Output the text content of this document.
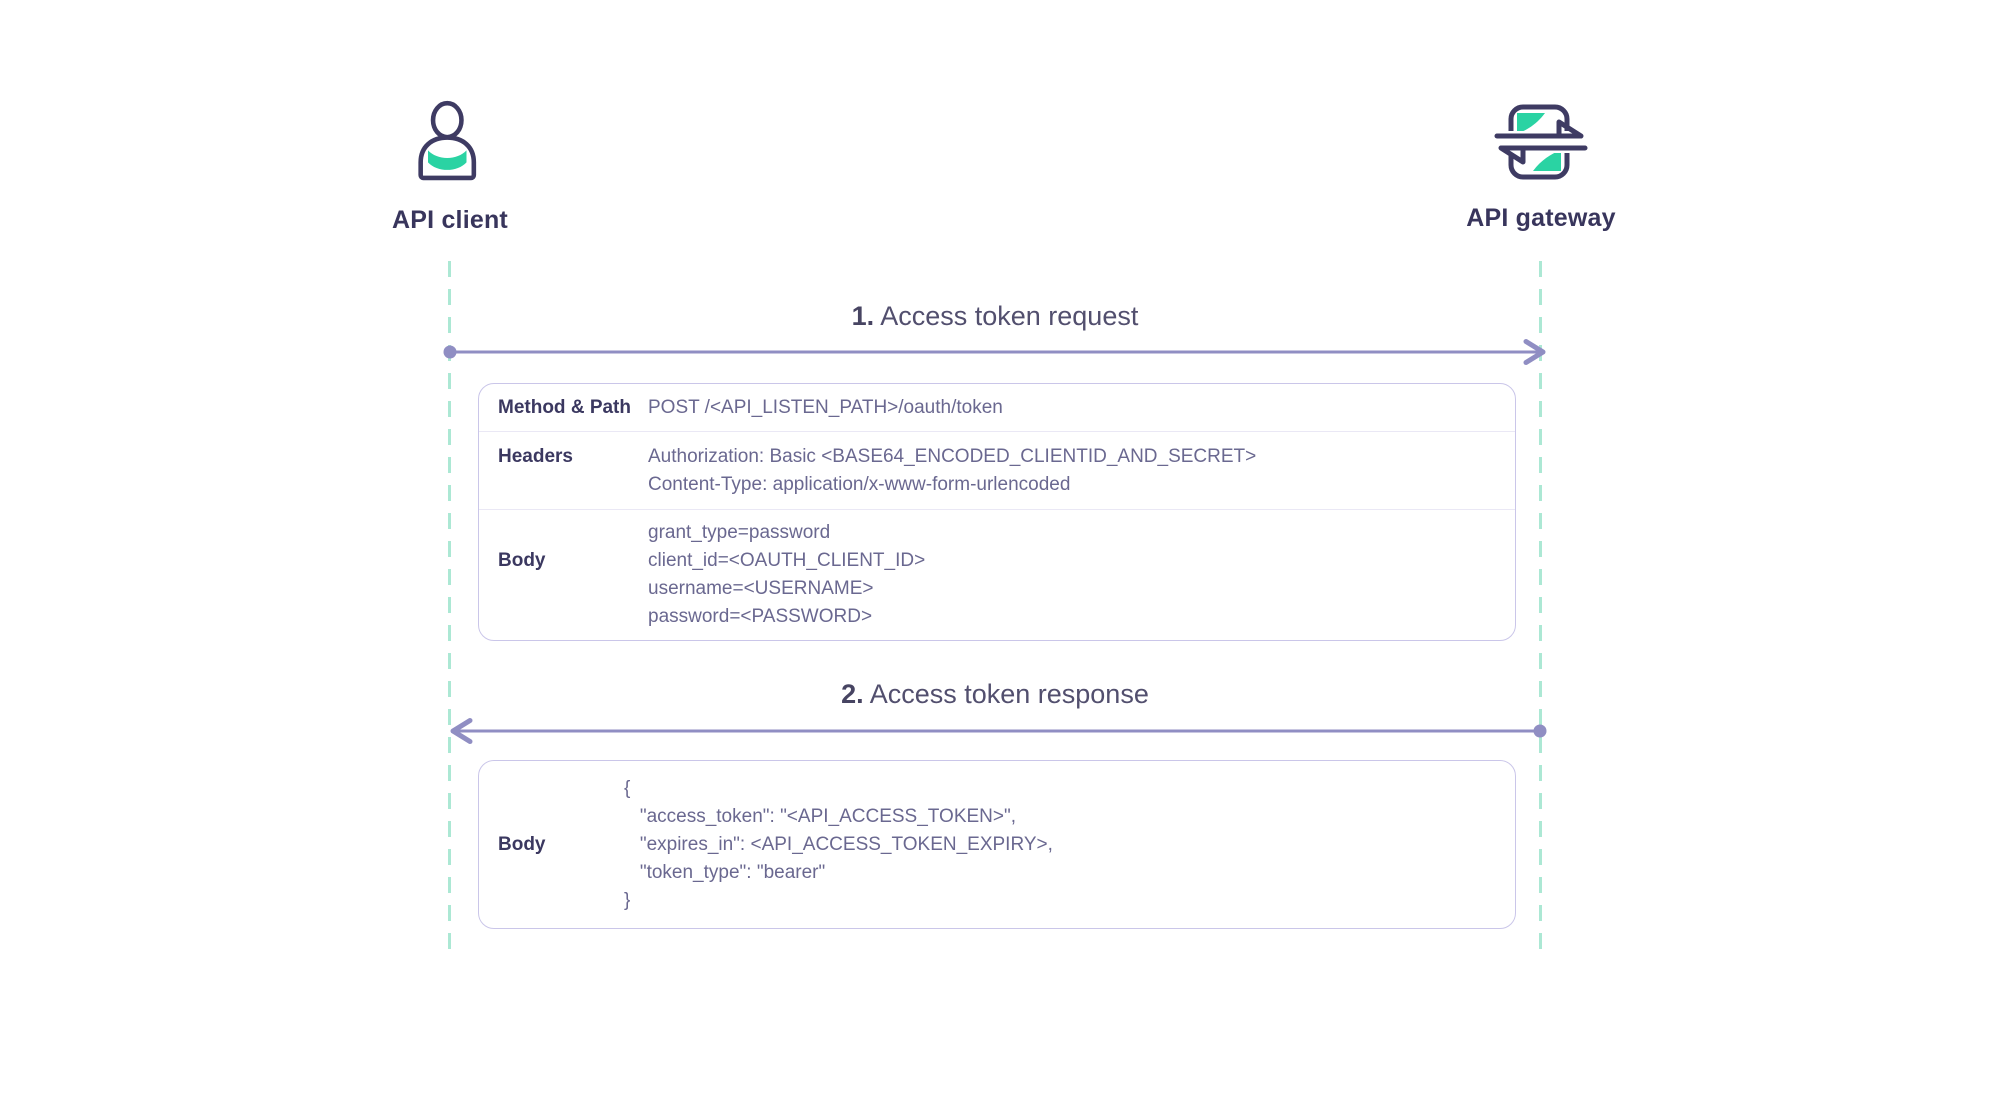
API client	API gateway
1. Access token request
Method & Path POST /<API_LISTEN_PATH>/oauth/token
Headers	Authorization: Basic <BASE64_ENCODED_CLIENTID_AND_SECRET>
Content-Type: application/x-www-form-urlencoded
Body
grant_type=password
client_id=<OAUTH_CLIENT_ID>
username=<USERNAME>
password=<PASSWORD>
2. Access token response
Body
{
"access_token": "<API_ACCESS_TOKEN>",
"expires_in": <API_ACCESS_TOKEN_EXPIRY>,
"token_type": "bearer"
}
